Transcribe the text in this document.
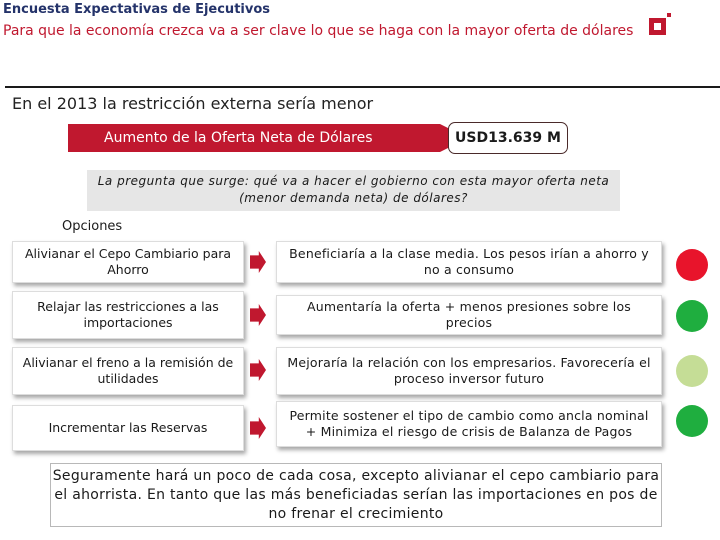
Encuesta Expectativas de Ejecutivos
Para que la economía crezca va a ser clave lo que se haga con la mayor oferta de dólares
En el 2013 la restricción externa sería menor
Aumento de la Oferta Neta de Dólares	USD13.639 M
La pregunta que surge: qué va a hacer el gobierno con esta mayor oferta neta (menor demanda neta) de dólares?
Opciones
Alivianar el Cepo Cambiario para Ahorro
Beneficiaría a la clase media. Los pesos irían a ahorro y no a consumo
Relajar las restricciones a las importaciones
Aumentaría la oferta + menos presiones sobre los precios
Alivianar el freno a la remisión de utilidades
Mejoraría la relación con los empresarios. Favorecería el proceso inversor futuro
Incrementar las Reservas
Permite sostener el tipo de cambio como ancla nominal + Minimiza el riesgo de crisis de Balanza de Pagos
Seguramente hará un poco de cada cosa, excepto alivianar el cepo cambiario para el ahorrista. En tanto que las más beneficiadas serían las importaciones en pos de no frenar el crecimiento
